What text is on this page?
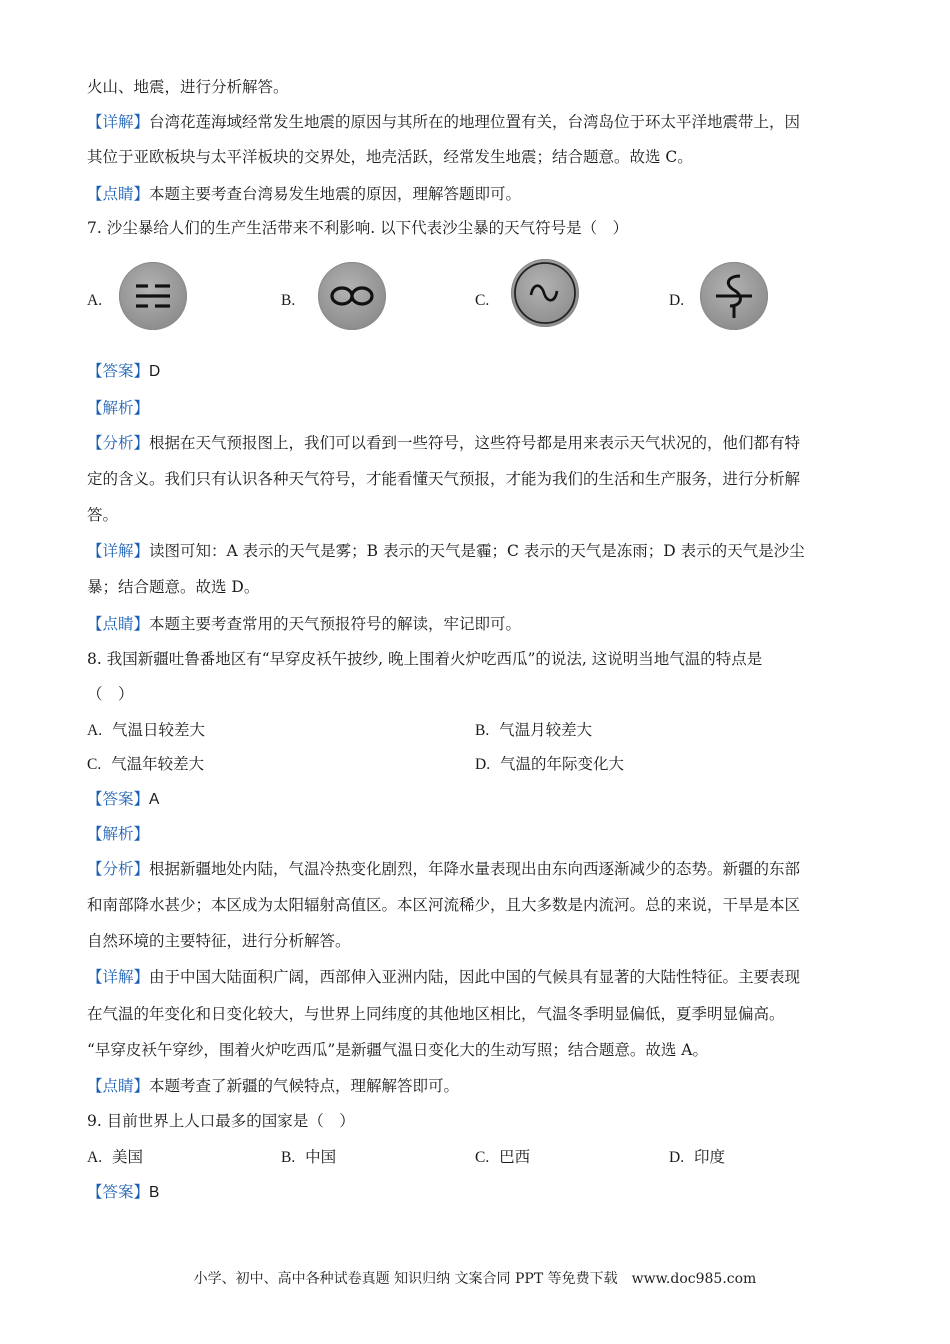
火山、地震，进行分析解答。
【详解】台湾花莲海域经常发生地震的原因与其所在的地理位置有关，台湾岛位于环太平洋地震带上，因
其位于亚欧板块与太平洋板块的交界处，地壳活跃，经常发生地震；结合题意。故选 C。
【点睛】本题主要考查台湾易发生地震的原因，理解答题即可。
7. 沙尘暴给人们的生产生活带来不利影响. 以下代表沙尘暴的天气符号是（　）
A.	B.	C.	D.
【答案】D
【解析】
【分析】根据在天气预报图上，我们可以看到一些符号，这些符号都是用来表示天气状况的，他们都有特
定的含义。我们只有认识各种天气符号，才能看懂天气预报，才能为我们的生活和生产服务，进行分析解
答。
【详解】读图可知：A 表示的天气是雾；B 表示的天气是霾；C 表示的天气是冻雨；D 表示的天气是沙尘
暴；结合题意。故选 D。
【点睛】本题主要考查常用的天气预报符号的解读，牢记即可。
8. 我国新疆吐鲁番地区有“早穿皮袄午披纱, 晚上围着火炉吃西瓜”的说法, 这说明当地气温的特点是
（　）
A. 气温日较差大	B. 气温月较差大
C. 气温年较差大	D. 气温的年际变化大
【答案】A
【解析】
【分析】根据新疆地处内陆，气温冷热变化剧烈，年降水量表现出由东向西逐渐减少的态势。新疆的东部
和南部降水甚少；本区成为太阳辐射高值区。本区河流稀少，且大多数是内流河。总的来说，干旱是本区
自然环境的主要特征，进行分析解答。
【详解】由于中国大陆面积广阔，西部伸入亚洲内陆，因此中国的气候具有显著的大陆性特征。主要表现
在气温的年变化和日变化较大，与世界上同纬度的其他地区相比，气温冬季明显偏低，夏季明显偏高。
“早穿皮袄午穿纱，围着火炉吃西瓜”是新疆气温日变化大的生动写照；结合题意。故选 A。
【点睛】本题考查了新疆的气候特点，理解解答即可。
9. 目前世界上人口最多的国家是（　）
A. 美国	B. 中国	C. 巴西	D. 印度
【答案】B
小学、初中、高中各种试卷真题 知识归纳 文案合同 PPT 等免费下载　www.doc985.com
